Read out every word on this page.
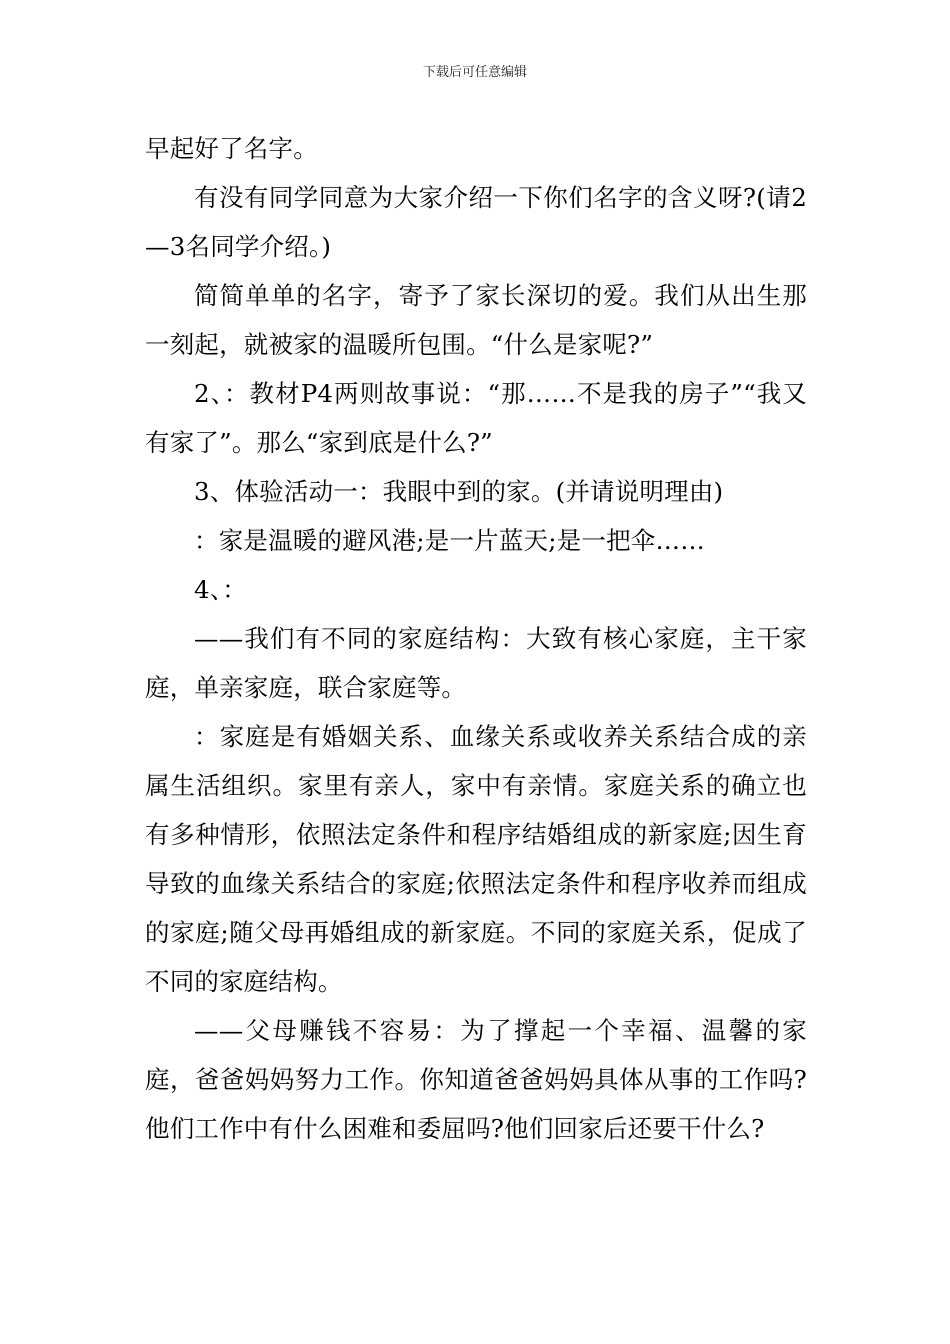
下载后可任意编辑

早起好了名字。

有没有同学同意为大家介绍一下你们名字的含义呀?(请2—3名同学介绍。)

简简单单的名字，寄予了家长深切的爱。我们从出生那一刻起，就被家的温暖所包围。“什么是家呢?”

2、：教材P4两则故事说：“那……不是我的房子”“我又有家了”。那么“家到底是什么?”

3、体验活动一：我眼中到的家。(并请说明理由)

：家是温暖的避风港;是一片蓝天;是一把伞……

4、：

——我们有不同的家庭结构：大致有核心家庭，主干家庭，单亲家庭，联合家庭等。

：家庭是有婚姻关系、血缘关系或收养关系结合成的亲属生活组织。家里有亲人，家中有亲情。家庭关系的确立也有多种情形，依照法定条件和程序结婚组成的新家庭;因生育导致的血缘关系结合的家庭;依照法定条件和程序收养而组成的家庭;随父母再婚组成的新家庭。不同的家庭关系，促成了不同的家庭结构。

——父母赚钱不容易：为了撑起一个幸福、温馨的家庭，爸爸妈妈努力工作。你知道爸爸妈妈具体从事的工作吗?他们工作中有什么困难和委屈吗?他们回家后还要干什么?
